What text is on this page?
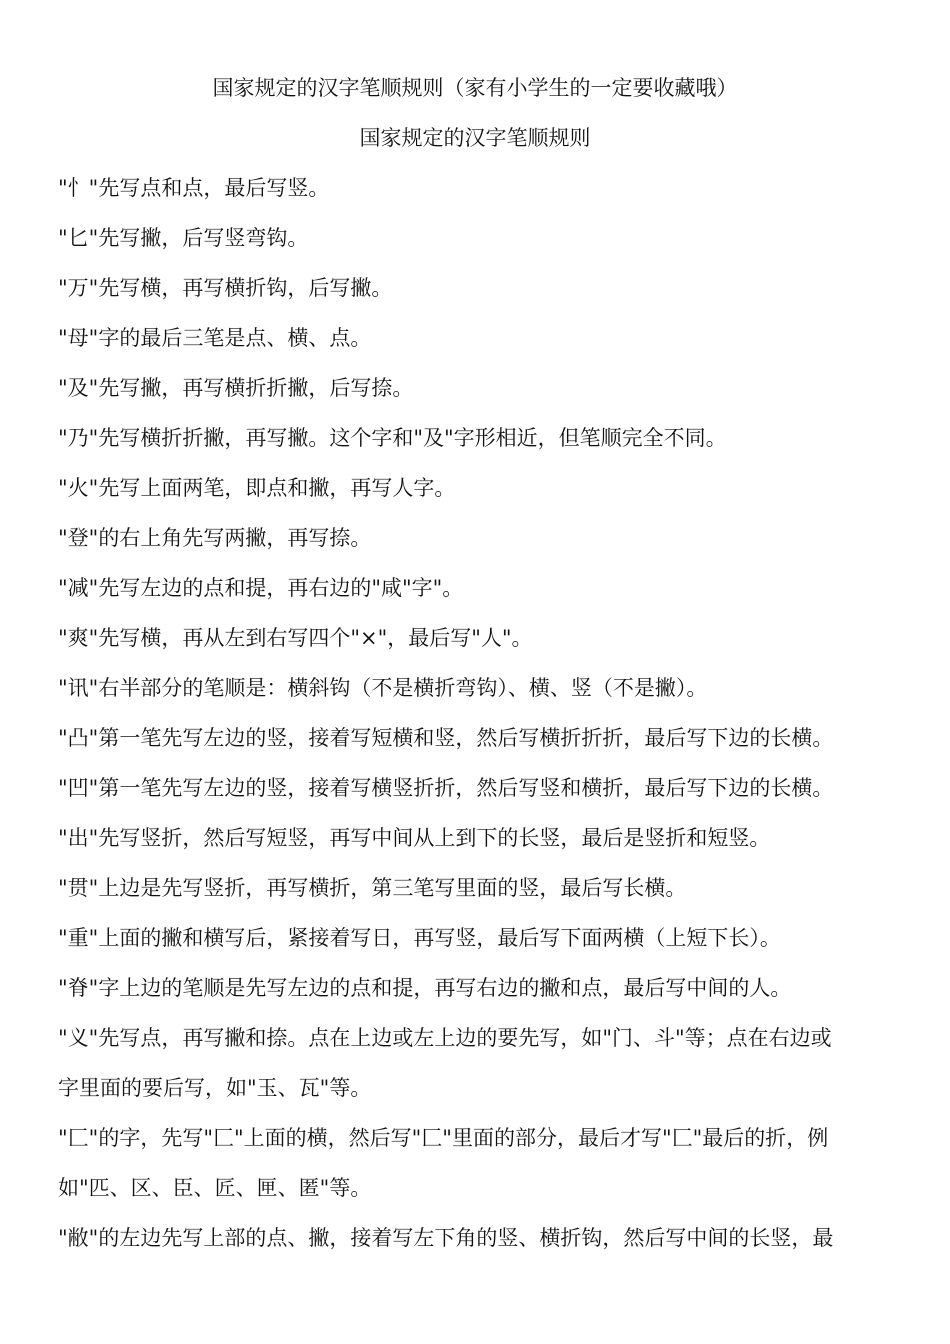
国家规定的汉字笔顺规则（家有小学生的一定要收藏哦）
国家规定的汉字笔顺规则
"忄"先写点和点，最后写竖。
"匕"先写撇，后写竖弯钩。
"万"先写横，再写横折钩，后写撇。
"母"字的最后三笔是点、横、点。
"及"先写撇，再写横折折撇，后写捺。
"乃"先写横折折撇，再写撇。这个字和"及"字形相近，但笔顺完全不同。
"火"先写上面两笔，即点和撇，再写人字。
"登"的右上角先写两撇，再写捺。
"减"先写左边的点和提，再右边的"咸"字"。
"爽"先写横，再从左到右写四个"×"，最后写"人"。
"讯"右半部分的笔顺是：横斜钩（不是横折弯钩）、横、竖（不是撇）。
"凸"第一笔先写左边的竖，接着写短横和竖，然后写横折折折，最后写下边的长横。
"凹"第一笔先写左边的竖，接着写横竖折折，然后写竖和横折，最后写下边的长横。
"出"先写竖折，然后写短竖，再写中间从上到下的长竖，最后是竖折和短竖。
"贯"上边是先写竖折，再写横折，第三笔写里面的竖，最后写长横。
"重"上面的撇和横写后，紧接着写日，再写竖，最后写下面两横（上短下长）。
"脊"字上边的笔顺是先写左边的点和提，再写右边的撇和点，最后写中间的人。
"义"先写点，再写撇和捺。点在上边或左上边的要先写，如"门、斗"等；点在右边或
字里面的要后写，如"玉、瓦"等。
"匚"的字，先写"匚"上面的横，然后写"匚"里面的部分，最后才写"匚"最后的折，例
如"匹、区、臣、匠、匣、匿"等。
"敝"的左边先写上部的点、撇，接着写左下角的竖、横折钩，然后写中间的长竖，最
